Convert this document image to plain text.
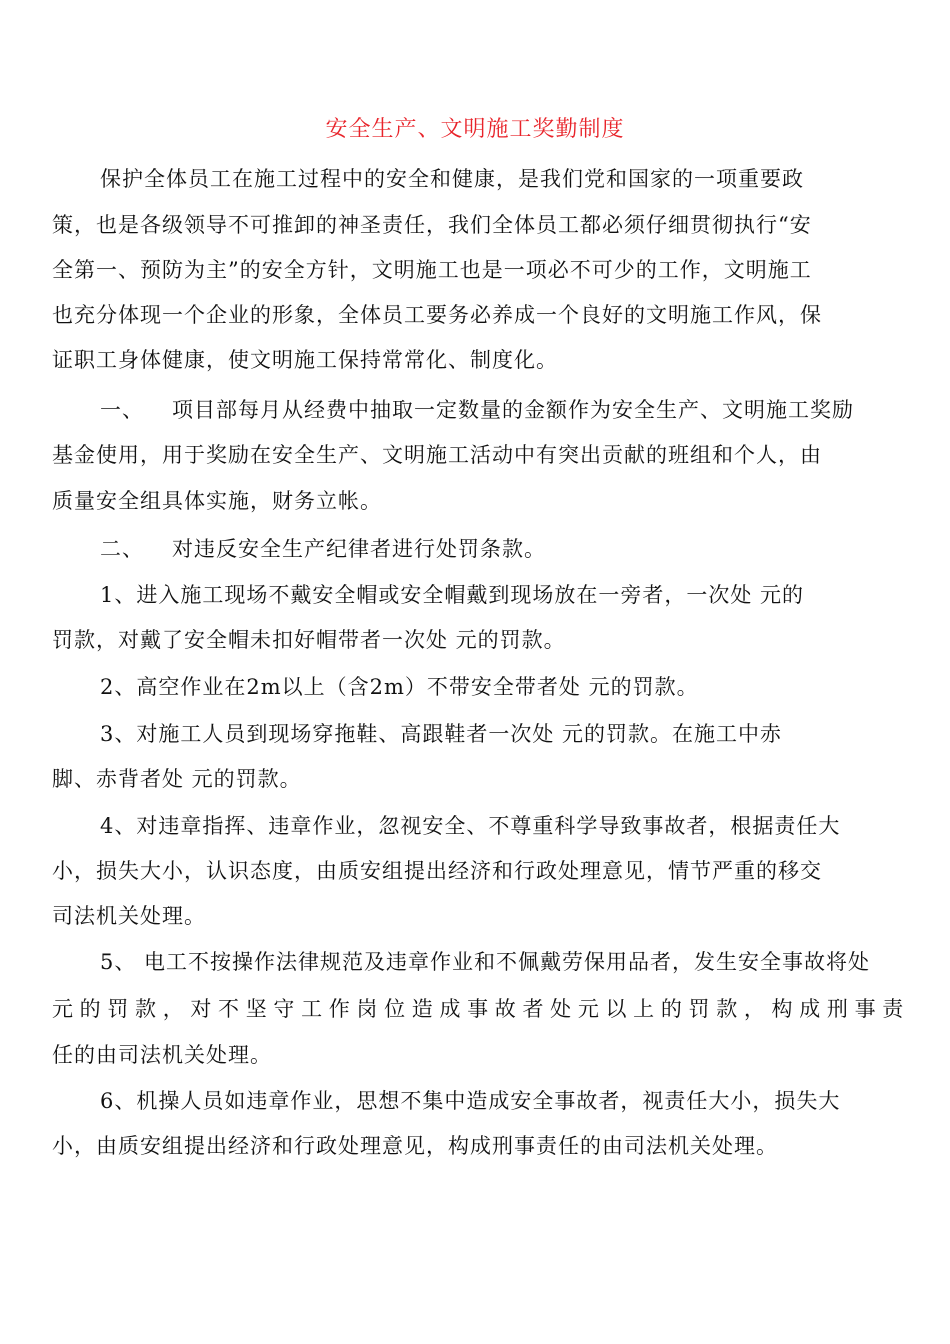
安全生产、文明施工奖勤制度
保护全体员工在施工过程中的安全和健康，是我们党和国家的一项重要政
策，也是各级领导不可推卸的神圣责任，我们全体员工都必须仔细贯彻执行“安
全第一、预防为主”的安全方针，文明施工也是一项必不可少的工作，文明施工
也充分体现一个企业的形象，全体员工要务必养成一个良好的文明施工作风，保
证职工身体健康，使文明施工保持常常化、制度化。
一、 项目部每月从经费中抽取一定数量的金额作为安全生产、文明施工奖励
基金使用，用于奖励在安全生产、文明施工活动中有突出贡献的班组和个人，由
质量安全组具体实施，财务立帐。
二、 对违反安全生产纪律者进行处罚条款。
1、进入施工现场不戴安全帽或安全帽戴到现场放在一旁者，一次处 元的
罚款，对戴了安全帽未扣好帽带者一次处 元的罚款。
2、高空作业在2m以上（含2m）不带安全带者处 元的罚款。
3、对施工人员到现场穿拖鞋、高跟鞋者一次处 元的罚款。在施工中赤
脚、赤背者处 元的罚款。
4、对违章指挥、违章作业，忽视安全、不尊重科学导致事故者，根据责任大
小，损失大小，认识态度，由质安组提出经济和行政处理意见，情节严重的移交
司法机关处理。
5、 电工不按操作法律规范及违章作业和不佩戴劳保用品者，发生安全事故将处
元 的 罚 款 ， 对 不 坚 守 工 作 岗 位 造 成 事 故 者 处 元 以 上 的 罚 款 ， 构 成 刑 事 责
任的由司法机关处理。
6、机操人员如违章作业，思想不集中造成安全事故者，视责任大小，损失大
小，由质安组提出经济和行政处理意见，构成刑事责任的由司法机关处理。
